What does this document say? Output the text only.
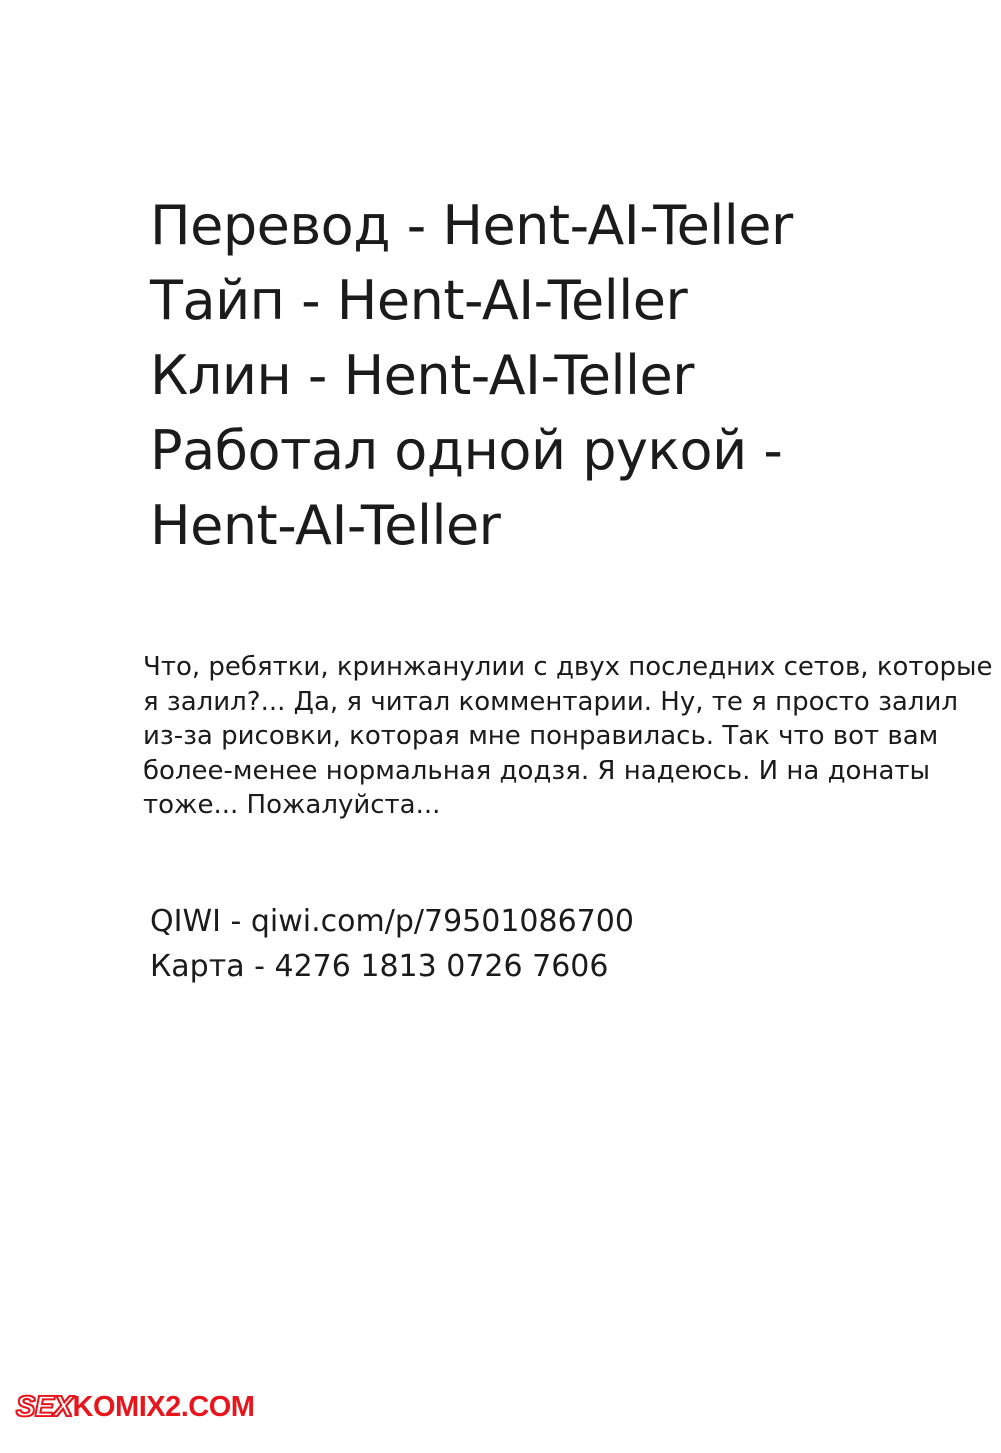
Перевод - Hent-AI-Teller
Тайп - Hent-AI-Teller
Клин - Hent-AI-Teller
Работал одной рукой -
Hent-AI-Teller
Что, ребятки, кринжанулии с двух последних сетов, которые
я залил?... Да, я читал комментарии. Ну, те я просто залил
из-за рисовки, которая мне понравилась. Так что вот вам
более-менее нормальная додзя. Я надеюсь. И на донаты
тоже... Пожалуйста...
QIWI - qiwi.com/p/79501086700
Карта - 4276 1813 0726 7606
SEXKOMIX2.COM
